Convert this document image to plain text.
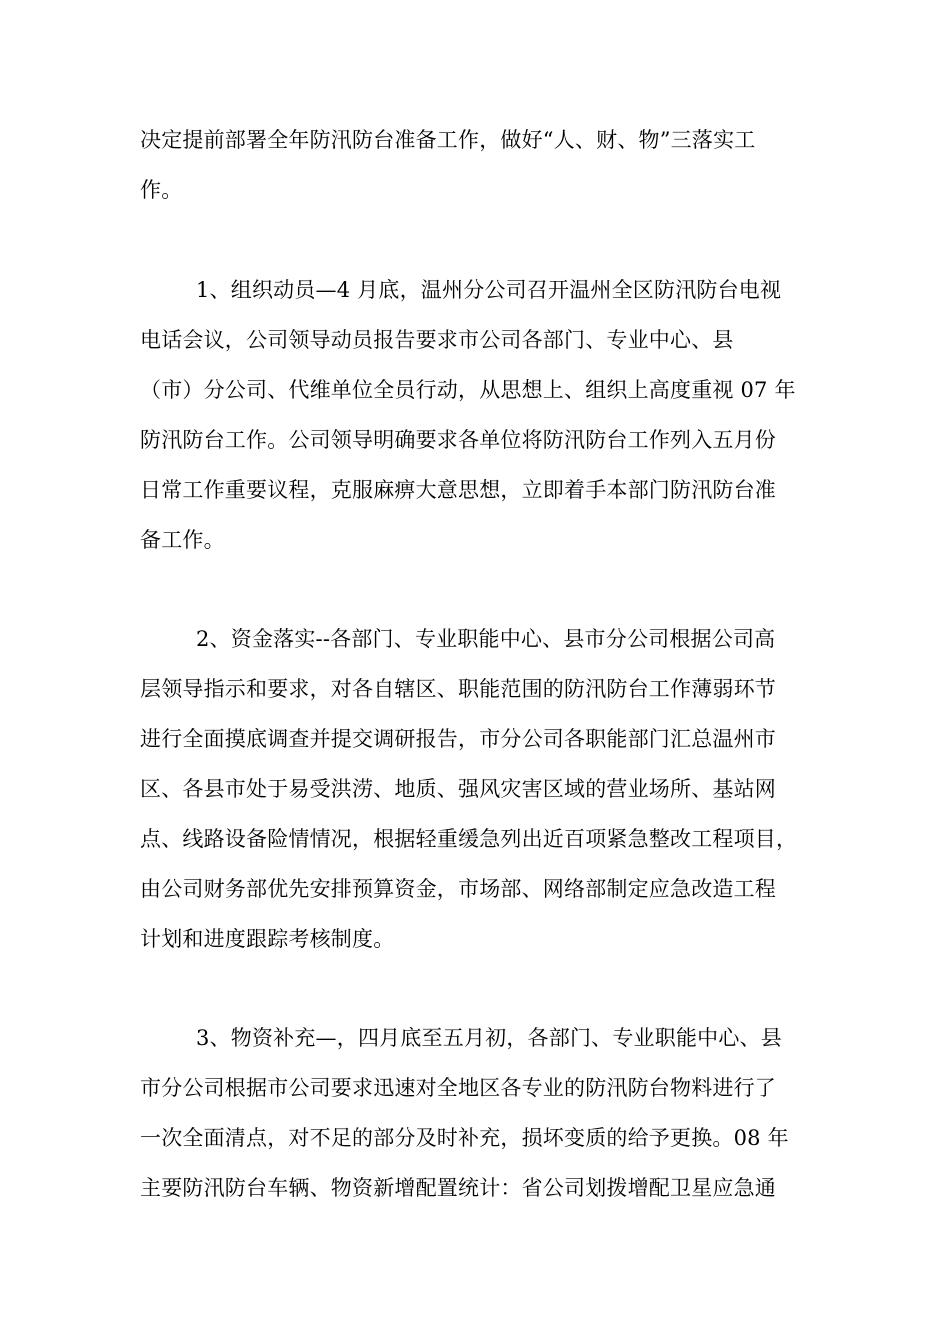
决定提前部署全年防汛防台准备工作，做好“人、财、物”三落实工
作。
1、组织动员—4 月底，温州分公司召开温州全区防汛防台电视
电话会议，公司领导动员报告要求市公司各部门、专业中心、县
（市）分公司、代维单位全员行动，从思想上、组织上高度重视 07 年
防汛防台工作。公司领导明确要求各单位将防汛防台工作列入五月份
日常工作重要议程，克服麻痹大意思想，立即着手本部门防汛防台准
备工作。
2、资金落实--各部门、专业职能中心、县市分公司根据公司高
层领导指示和要求，对各自辖区、职能范围的防汛防台工作薄弱环节
进行全面摸底调查并提交调研报告，市分公司各职能部门汇总温州市
区、各县市处于易受洪涝、地质、强风灾害区域的营业场所、基站网
点、线路设备险情情况，根据轻重缓急列出近百项紧急整改工程项目，
由公司财务部优先安排预算资金，市场部、网络部制定应急改造工程
计划和进度跟踪考核制度。
3、物资补充—，四月底至五月初，各部门、专业职能中心、县
市分公司根据市公司要求迅速对全地区各专业的防汛防台物料进行了
一次全面清点，对不足的部分及时补充，损坏变质的给予更换。08 年
主要防汛防台车辆、物资新增配置统计：省公司划拨增配卫星应急通
